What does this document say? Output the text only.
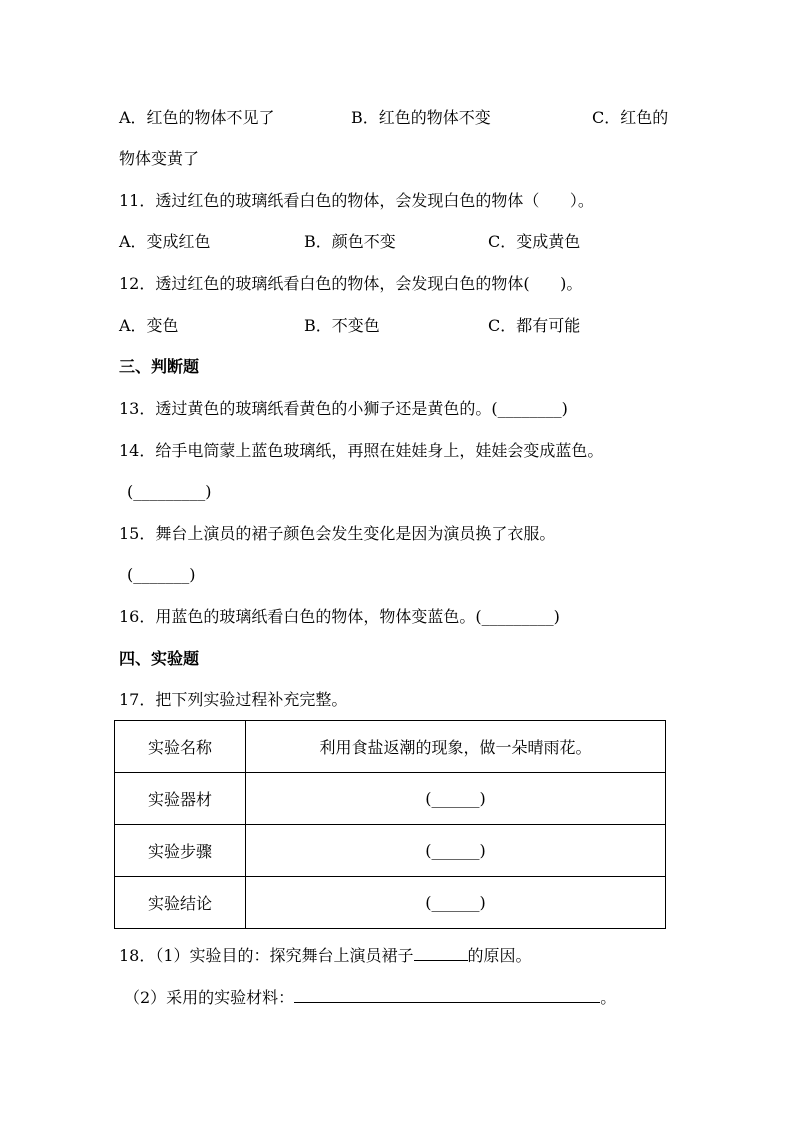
A．红色的物体不见了	B．红色的物体不变	C．红色的
物体变黄了
11．透过红色的玻璃纸看白色的物体，会发现白色的物体（      ）。
A．变成红色	B．颜色不变	C．变成黄色
12．透过红色的玻璃纸看白色的物体，会发现白色的物体(      )。
A．变色	B．不变色	C．都有可能
三、判断题
13．透过黄色的玻璃纸看黄色的小狮子还是黄色的。(________)
14．给手电筒蒙上蓝色玻璃纸，再照在娃娃身上，娃娃会变成蓝色。
(_________)
15．舞台上演员的裙子颜色会发生变化是因为演员换了衣服。
(_______)
16．用蓝色的玻璃纸看白色的物体，物体变蓝色。(_________)
四、实验题
17．把下列实验过程补充完整。
实验名称	利用食盐返潮的现象，做一朵晴雨花。
实验器材	(______)
实验步骤	(______)
实验结论	(______)
18．（1）实验目的：探究舞台上演员裙子	的原因。
（2）采用的实验材料：	。
